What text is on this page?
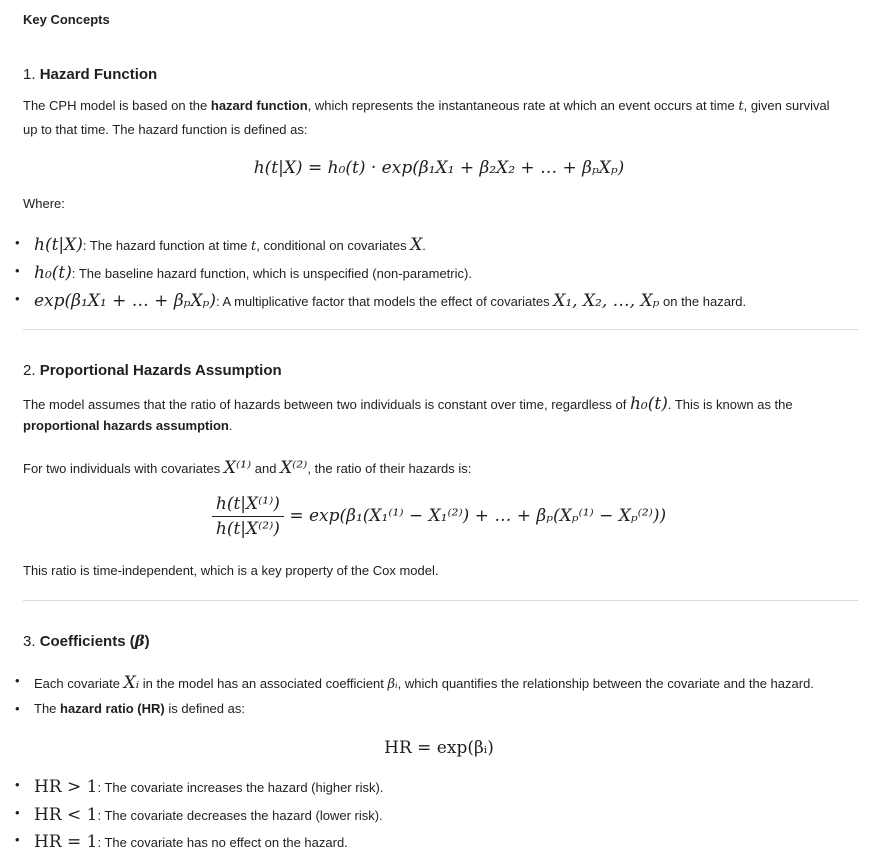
Key Concepts
1. Hazard Function
The CPH model is based on the hazard function, which represents the instantaneous rate at which an event occurs at time t, given survival
up to that time. The hazard function is defined as:
h(t|X) = h₀(t) · exp(β₁X₁ + β₂X₂ + … + βₚXₚ)
Where:
• h(t|X): The hazard function at time t, conditional on covariates X.
• h₀(t): The baseline hazard function, which is unspecified (non-parametric).
• exp(β₁X₁ + … + βₚXₚ): A multiplicative factor that models the effect of covariates X₁, X₂, …, Xₚ on the hazard.
2. Proportional Hazards Assumption
The model assumes that the ratio of hazards between two individuals is constant over time, regardless of h₀(t). This is known as the
proportional hazards assumption.
For two individuals with covariates X⁽¹⁾ and X⁽²⁾, the ratio of their hazards is:
$\frac{\text{h(t|X⁽¹⁾)}}{\text{h(t|X⁽²⁾)}} = \exp(\beta_1(X_1^{(1)} - X_1^{(2)})$ + … + βₚ(Xₚ⁽¹⁾ − Xₚ⁽²⁾))
This ratio is time-independent, which is a key property of the Cox model.
3. Coefficients (β)
• Each covariate Xᵢ in the model has an associated coefficient βᵢ, which quantifies the relationship between the covariate and the hazard.
• The hazard ratio (HR) is defined as:
HR = exp(βᵢ)
• HR > 1: The covariate increases the hazard (higher risk).
• HR < 1: The covariate decreases the hazard (lower risk).
• HR = 1: The covariate has no effect on the hazard.
